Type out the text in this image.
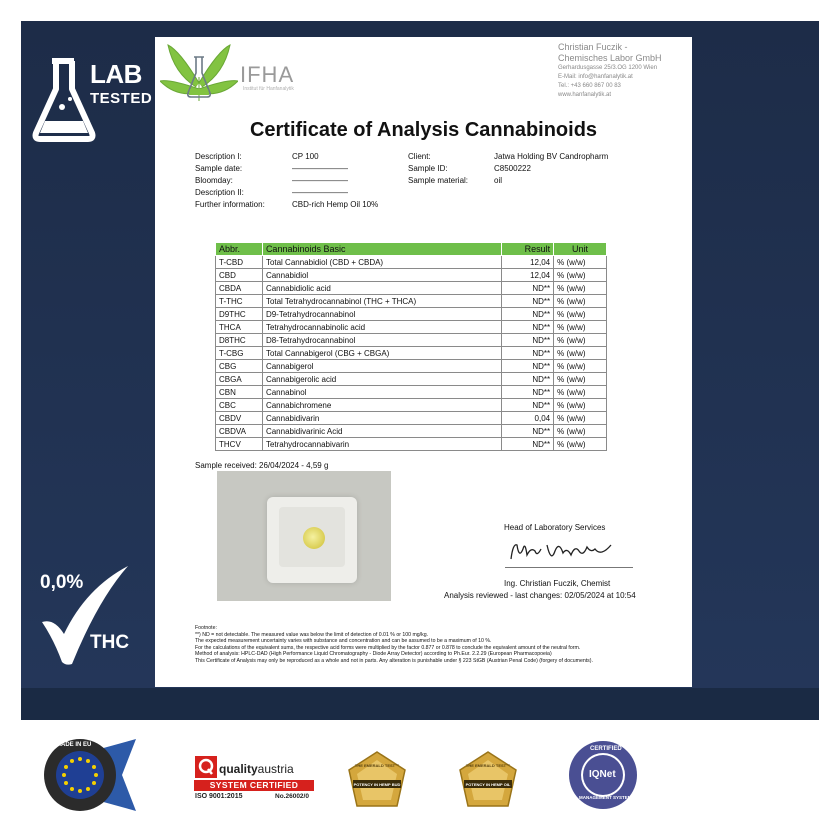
LAB
TESTED
0,0%
THC
IFHA
Institut für Hanfanalytik
Christian Fuczik -
Chemisches Labor GmbH
Gerhardusgasse 25/3.OG 1200 Wien
E-Mail: info@hanfanalytik.at
Tel.: +43 660 867 00 83
www.hanfanalytik.at
Certificate of Analysis Cannabinoids
Description I:	CP 100
Sample date:	———————
Bloomday:	———————
Description II:	———————
Further information:	CBD-rich Hemp Oil 10%
Client:	Jatwa Holding BV Candropharm
Sample ID:	C8500222
Sample material:	oil
Abbr.	Cannabinoids Basic	Result	Unit
T-CBD	Total Cannabidiol (CBD + CBDA)	12,04	% (w/w)
CBD	Cannabidiol	12,04	% (w/w)
CBDA	Cannabidiolic acid	ND**	% (w/w)
T-THC	Total Tetrahydrocannabinol (THC + THCA)	ND**	% (w/w)
D9THC	D9-Tetrahydrocannabinol	ND**	% (w/w)
THCA	Tetrahydrocannabinolic acid	ND**	% (w/w)
D8THC	D8-Tetrahydrocannabinol	ND**	% (w/w)
T-CBG	Total Cannabigerol (CBG + CBGA)	ND**	% (w/w)
CBG	Cannabigerol	ND**	% (w/w)
CBGA	Cannabigerolic acid	ND**	% (w/w)
CBN	Cannabinol	ND**	% (w/w)
CBC	Cannabichromene	ND**	% (w/w)
CBDV	Cannabidivarin	0,04	% (w/w)
CBDVA	Cannabidivarinic Acid	ND**	% (w/w)
THCV	Tetrahydrocannabivarin	ND**	% (w/w)
Sample received: 26/04/2024 - 4,59 g
Head of Laboratory Services
Ing. Christian Fuczik, Chemist
Analysis reviewed - last changes: 02/05/2024 at 10:54
Footnote:
**) ND = not detectable. The measured value was below the limit of detection of 0.01 % or 100 mg/kg.
The expected measurement uncertainty varies with substance and concentration and can be assumed to be a maximum of 10 %.
For the calculations of the equivalent sums, the respective acid forms were multiplied by the factor 0.877 or 0.878 to conclude the equivalent amount of the neutral form.
Method of analysis: HPLC-DAD (High Performance Liquid Chromatography - Diode Array Detector) according to Ph.Eur. 2.2.29 (European Pharmacopoeia)
This Certificate of Analysis may only be reproduced as a whole and not in parts. Any alteration is punishable under § 223 StGB (Austrian Penal Code) (forgery of documents).
MADE IN EU
qualityaustria
SYSTEM CERTIFIED
ISO 9001:2015	No.26002/0
THE EMERALD TEST™
POTENCY IN HEMP BUD
THE EMERALD TEST™
POTENCY IN HEMP OIL
CERTIFIED
IQNet
MANAGEMENT SYSTEM
